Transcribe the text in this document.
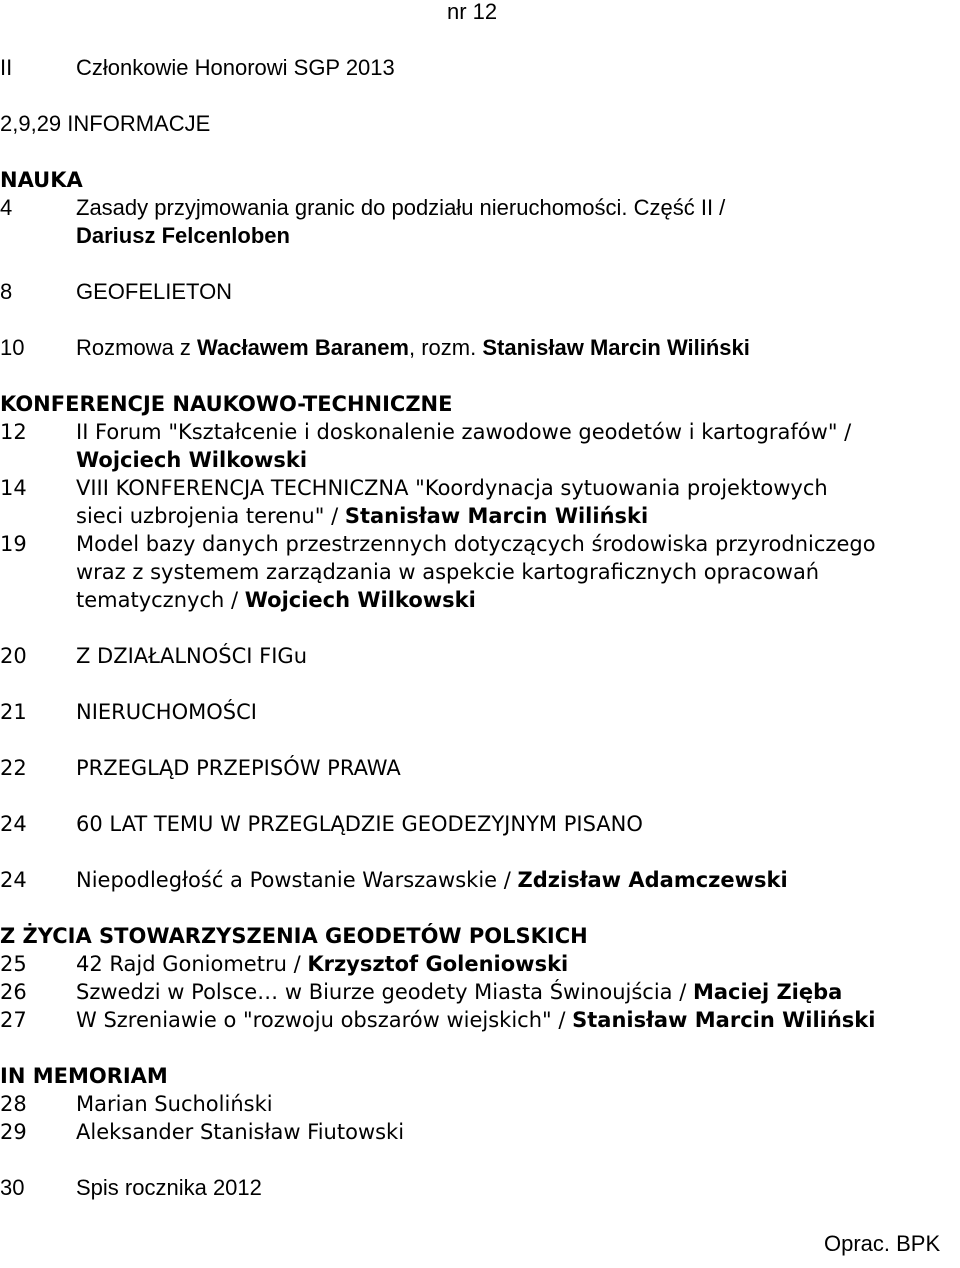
nr 12
II	Członkowie Honorowi SGP 2013
2,9,29 INFORMACJE
NAUKA
4	Zasady przyjmowania granic do podziału nieruchomości. Część II /
Dariusz Felcenloben
8	GEOFELIETON
10 Rozmowa z Wacławem Baranem, rozm. Stanisław Marcin Wiliński
KONFERENCJE NAUKOWO-TECHNICZNE
12 II Forum "Kształcenie i doskonalenie zawodowe geodetów i kartografów" /
Wojciech Wilkowski
14 VIII KONFERENCJA TECHNICZNA "Koordynacja sytuowania projektowych
sieci uzbrojenia terenu" / Stanisław Marcin Wiliński
19 Model bazy danych przestrzennych dotyczących środowiska przyrodniczego
wraz z systemem zarządzania w aspekcie kartograficznych opracowań
tematycznych / Wojciech Wilkowski
20 Z DZIAŁALNOŚCI FIGu
21 NIERUCHOMOŚCI
22 PRZEGLĄD PRZEPISÓW PRAWA
24 60 LAT TEMU W PRZEGLĄDZIE GEODEZYJNYM PISANO
24 Niepodległość a Powstanie Warszawskie / Zdzisław Adamczewski
Z ŻYCIA STOWARZYSZENIA GEODETÓW POLSKICH
25 42 Rajd Goniometru / Krzysztof Goleniowski
26 Szwedzi w Polsce… w Biurze geodety Miasta Świnoujścia / Maciej Zięba
27 W Szreniawie o "rozwoju obszarów wiejskich" / Stanisław Marcin Wiliński
IN MEMORIAM
28 Marian Sucholiński
29 Aleksander Stanisław Fiutowski
30 Spis rocznika 2012
Oprac. BPK
